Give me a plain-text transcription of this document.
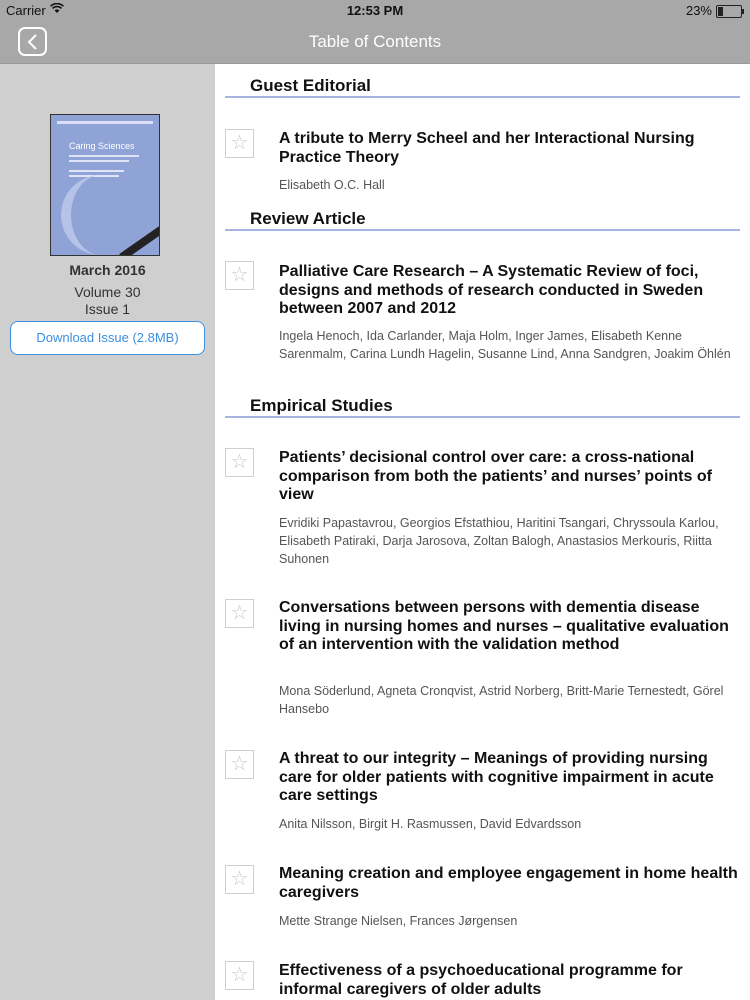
Carrier	12:53 PM	23%
Table of Contents
Caring Sciences
March 2016
Volume 30
Issue 1
Download Issue (2.8MB)
Guest Editorial
☆	A tribute to Merry Scheel and her Interactional Nursing Practice Theory
Elisabeth O.C. Hall
Review Article
☆	Palliative Care Research – A Systematic Review of foci, designs and methods of research conducted in Sweden between 2007 and 2012
Ingela Henoch, Ida Carlander, Maja Holm, Inger James, Elisabeth Kenne Sarenmalm, Carina Lundh Hagelin, Susanne Lind, Anna Sandgren, Joakim Öhlén
Empirical Studies
☆	Patients’ decisional control over care: a cross-national comparison from both the patients’ and nurses’ points of view
Evridiki Papastavrou, Georgios Efstathiou, Haritini Tsangari, Chryssoula Karlou, Elisabeth Patiraki, Darja Jarosova, Zoltan Balogh, Anastasios Merkouris, Riitta Suhonen
☆	Conversations between persons with dementia disease living in nursing homes and nurses – qualitative evaluation of an intervention with the validation method
Mona Söderlund, Agneta Cronqvist, Astrid Norberg, Britt-Marie Ternestedt, Görel Hansebo
☆	A threat to our integrity – Meanings of providing nursing care for older patients with cognitive impairment in acute care settings
Anita Nilsson, Birgit H. Rasmussen, David Edvardsson
☆	Meaning creation and employee engagement in home health caregivers
Mette Strange Nielsen, Frances Jørgensen
☆	Effectiveness of a psychoeducational programme for informal caregivers of older adults
